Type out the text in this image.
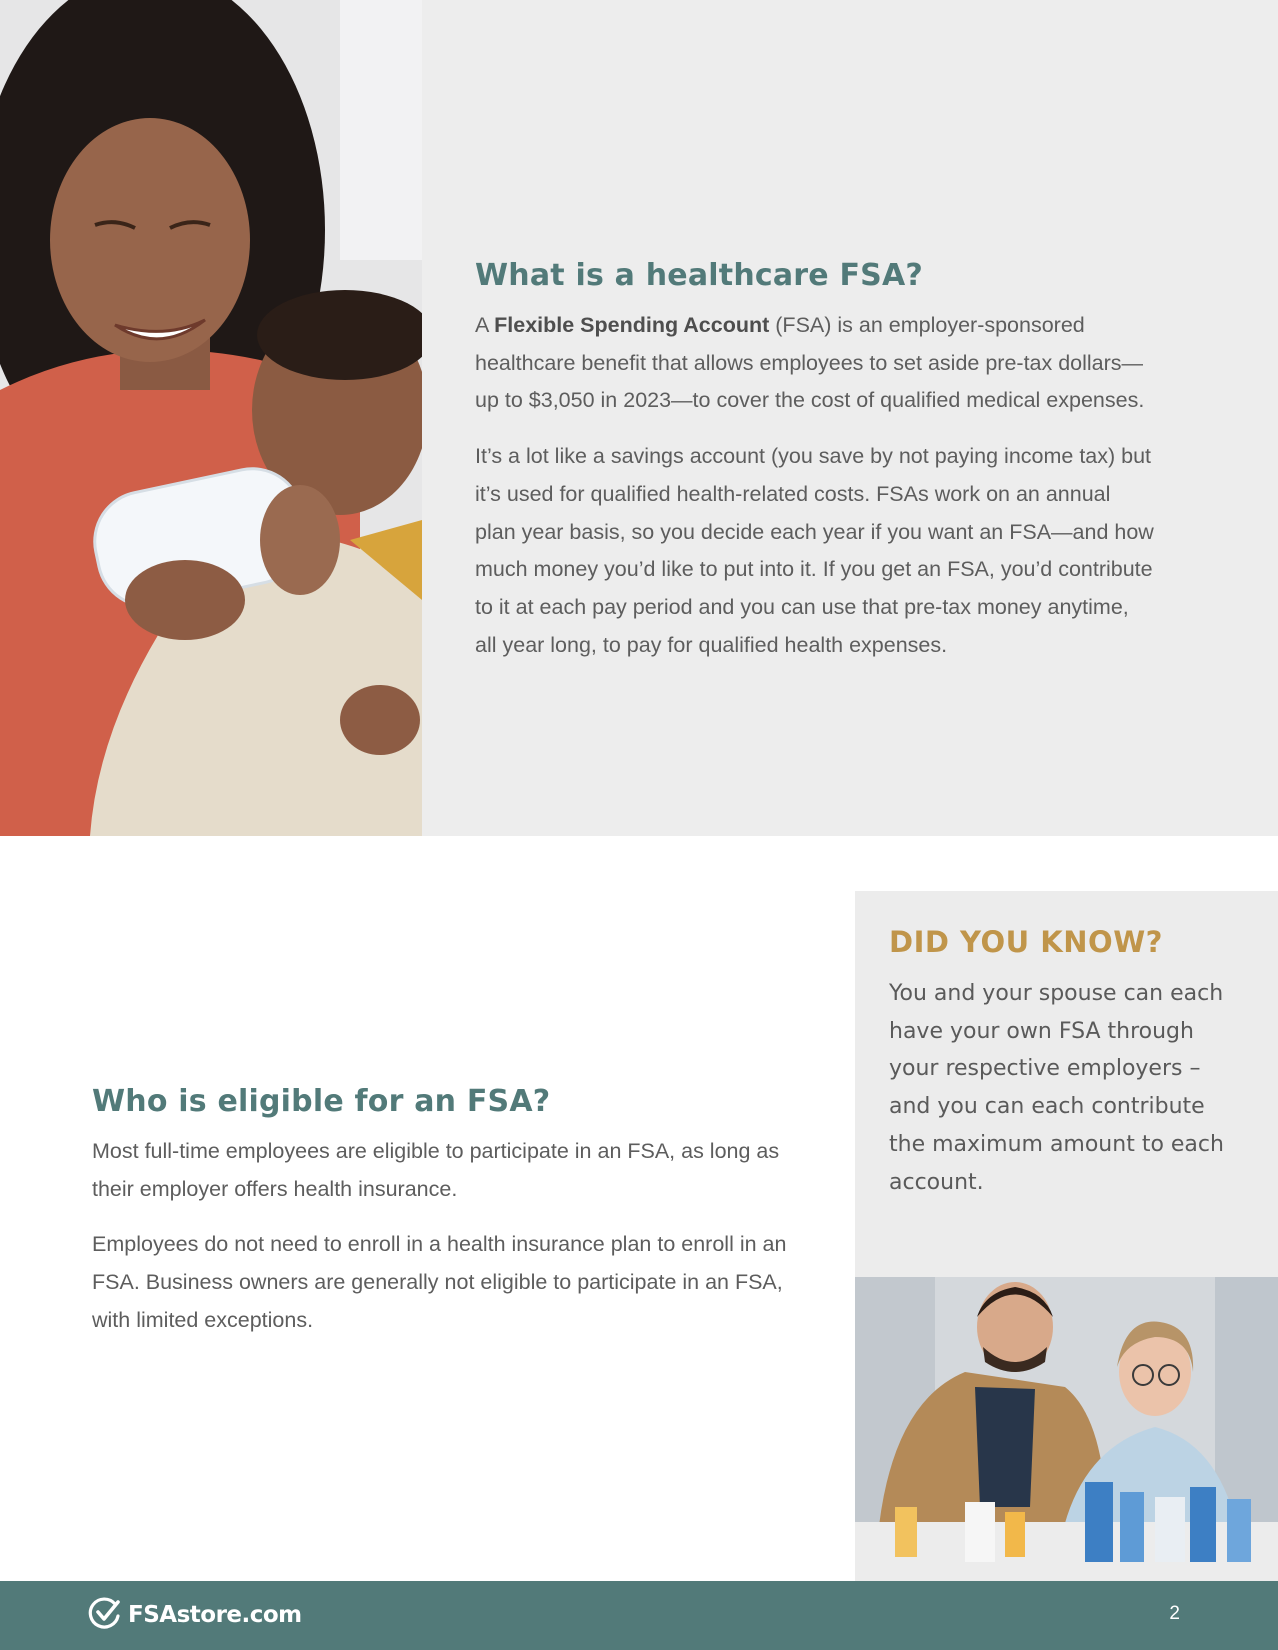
What is a healthcare FSA?

A Flexible Spending Account (FSA) is an employer-sponsored healthcare benefit that allows employees to set aside pre-tax dollars—up to $3,050 in 2023—to cover the cost of qualified medical expenses.

It’s a lot like a savings account (you save by not paying income tax) but it’s used for qualified health-related costs. FSAs work on an annual plan year basis, so you decide each year if you want an FSA—and how much money you’d like to put into it. If you get an FSA, you’d contribute to it at each pay period and you can use that pre-tax money anytime, all year long, to pay for qualified health expenses.

Who is eligible for an FSA?

Most full-time employees are eligible to participate in an FSA, as long as their employer offers health insurance.

Employees do not need to enroll in a health insurance plan to enroll in an FSA. Business owners are generally not eligible to participate in an FSA, with limited exceptions.

DID YOU KNOW?

You and your spouse can each have your own FSA through your respective employers – and you can each contribute the maximum amount to each account.

FSAstore.com	2
